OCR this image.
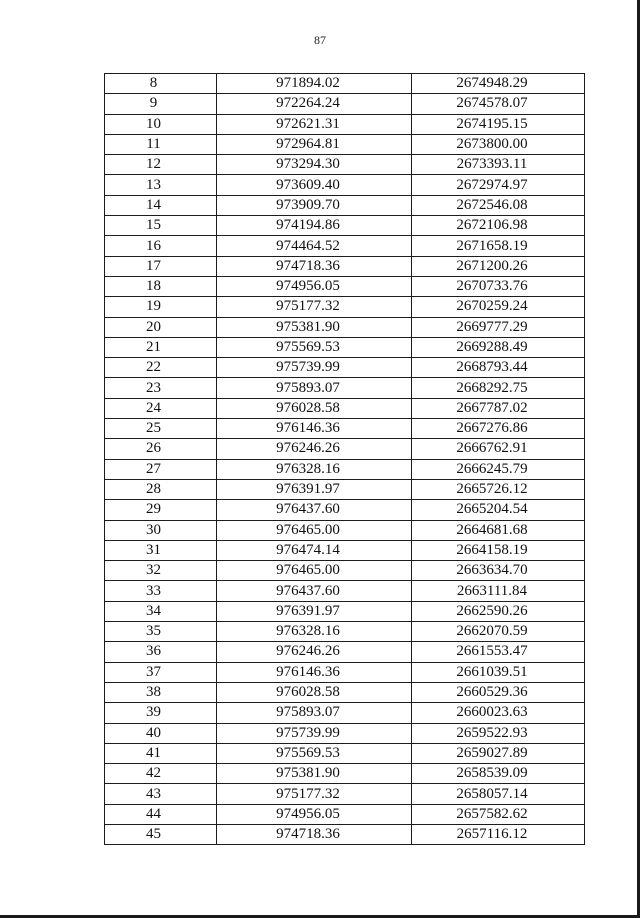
87
8	971894.02	2674948.29
9	972264.24	2674578.07
10	972621.31	2674195.15
11	972964.81	2673800.00
12	973294.30	2673393.11
13	973609.40	2672974.97
14	973909.70	2672546.08
15	974194.86	2672106.98
16	974464.52	2671658.19
17	974718.36	2671200.26
18	974956.05	2670733.76
19	975177.32	2670259.24
20	975381.90	2669777.29
21	975569.53	2669288.49
22	975739.99	2668793.44
23	975893.07	2668292.75
24	976028.58	2667787.02
25	976146.36	2667276.86
26	976246.26	2666762.91
27	976328.16	2666245.79
28	976391.97	2665726.12
29	976437.60	2665204.54
30	976465.00	2664681.68
31	976474.14	2664158.19
32	976465.00	2663634.70
33	976437.60	2663111.84
34	976391.97	2662590.26
35	976328.16	2662070.59
36	976246.26	2661553.47
37	976146.36	2661039.51
38	976028.58	2660529.36
39	975893.07	2660023.63
40	975739.99	2659522.93
41	975569.53	2659027.89
42	975381.90	2658539.09
43	975177.32	2658057.14
44	974956.05	2657582.62
45	974718.36	2657116.12
